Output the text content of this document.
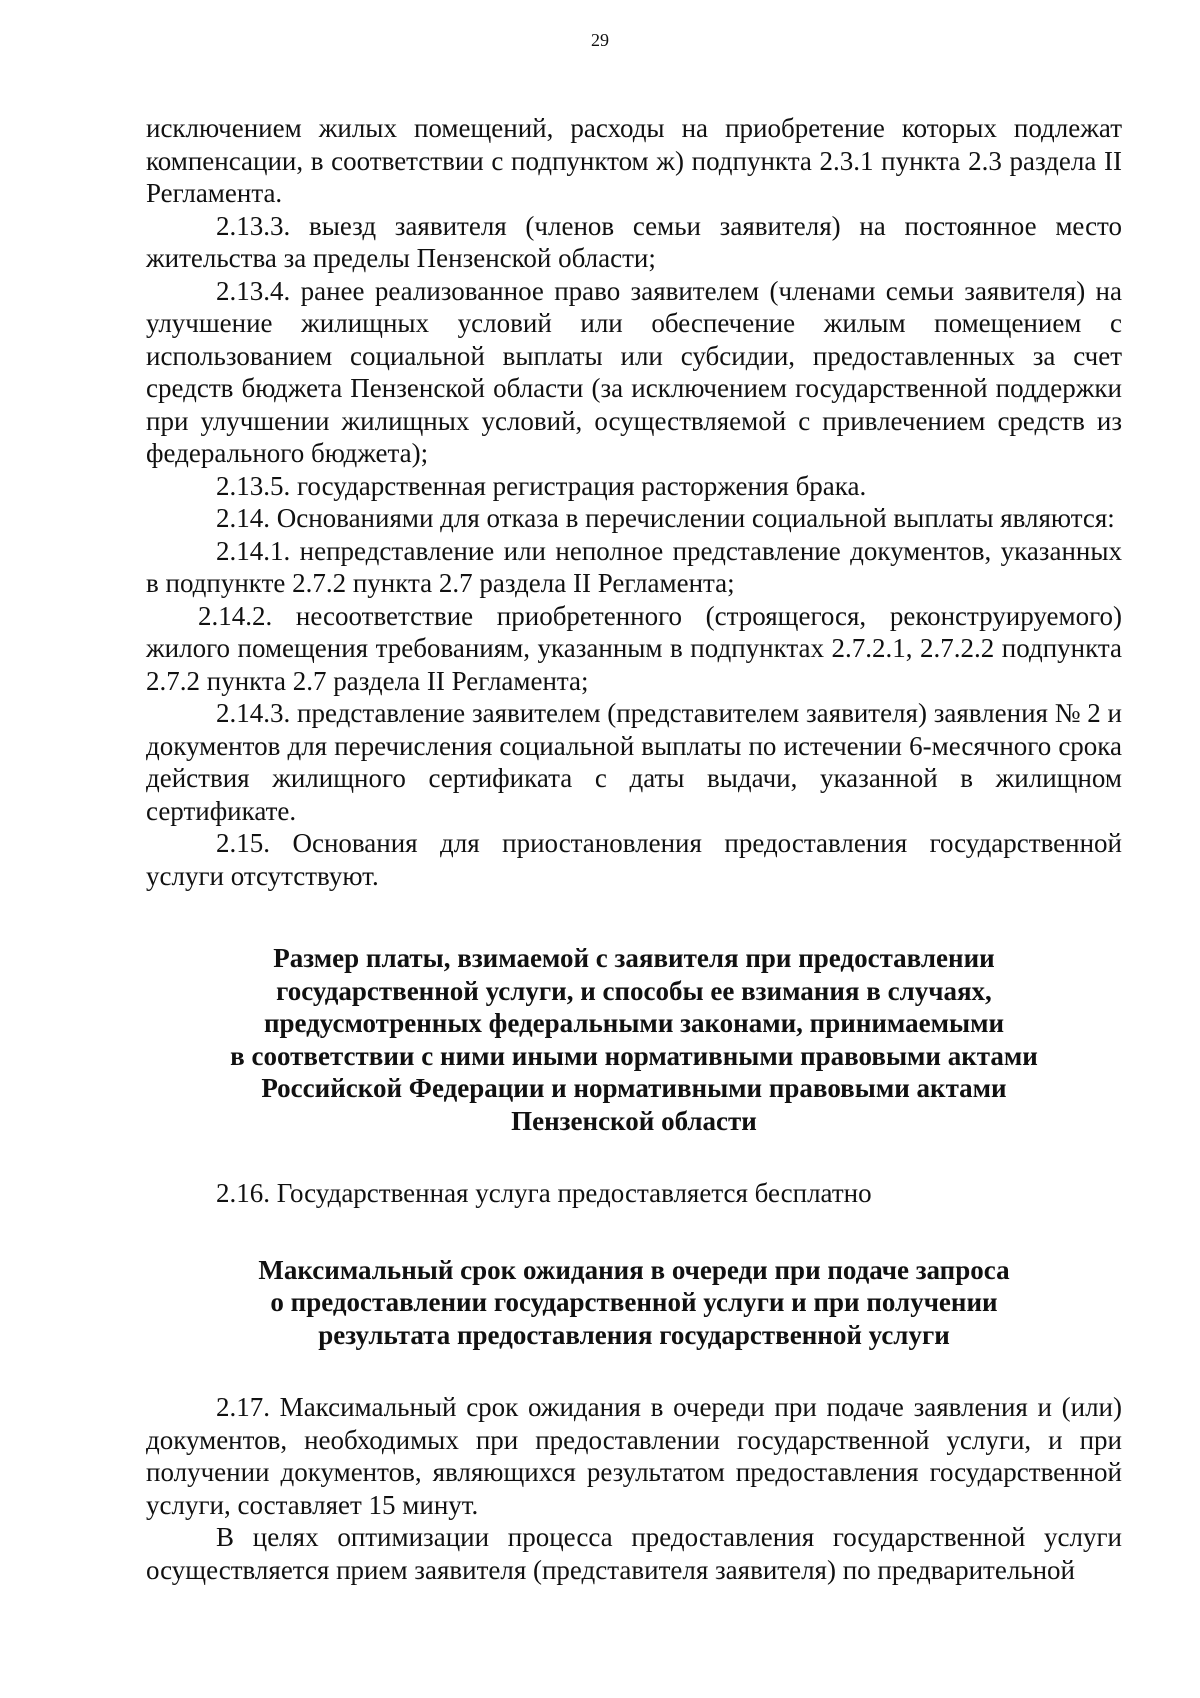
29

исключением жилых помещений, расходы на приобретение которых подлежат компенсации, в соответствии с подпунктом ж) подпункта 2.3.1 пункта 2.3 раздела II Регламента.

2.13.3. выезд заявителя (членов семьи заявителя) на постоянное место жительства за пределы Пензенской области;

2.13.4. ранее реализованное право заявителем (членами семьи заявителя) на улучшение жилищных условий или обеспечение жилым помещением с использованием социальной выплаты или субсидии, предоставленных за счет средств бюджета Пензенской области (за исключением государственной поддержки при улучшении жилищных условий, осуществляемой с привлечением средств из федерального бюджета);

2.13.5. государственная регистрация расторжения брака.

2.14. Основаниями для отказа в перечислении социальной выплаты являются:

2.14.1. непредставление или неполное представление документов, указанных в подпункте 2.7.2 пункта 2.7 раздела II Регламента;

2.14.2. несоответствие приобретенного (строящегося, реконструируемого) жилого помещения требованиям, указанным в подпунктах 2.7.2.1, 2.7.2.2 подпункта 2.7.2 пункта 2.7 раздела II Регламента;

2.14.3. представление заявителем (представителем заявителя) заявления № 2 и документов для перечисления социальной выплаты по истечении 6-месячного срока действия жилищного сертификата с даты выдачи, указанной в жилищном сертификате.

2.15. Основания для приостановления предоставления государственной услуги отсутствуют.

Размер платы, взимаемой с заявителя при предоставлении
государственной услуги, и способы ее взимания в случаях,
предусмотренных федеральными законами, принимаемыми
в соответствии с ними иными нормативными правовыми актами
Российской Федерации и нормативными правовыми актами
Пензенской области

2.16. Государственная услуга предоставляется бесплатно

Максимальный срок ожидания в очереди при подаче запроса
о предоставлении государственной услуги и при получении
результата предоставления государственной услуги

2.17. Максимальный срок ожидания в очереди при подаче заявления и (или) документов, необходимых при предоставлении государственной услуги, и при получении документов, являющихся результатом предоставления государственной услуги, составляет 15 минут.

В целях оптимизации процесса предоставления государственной услуги осуществляется прием заявителя (представителя заявителя) по предварительной
